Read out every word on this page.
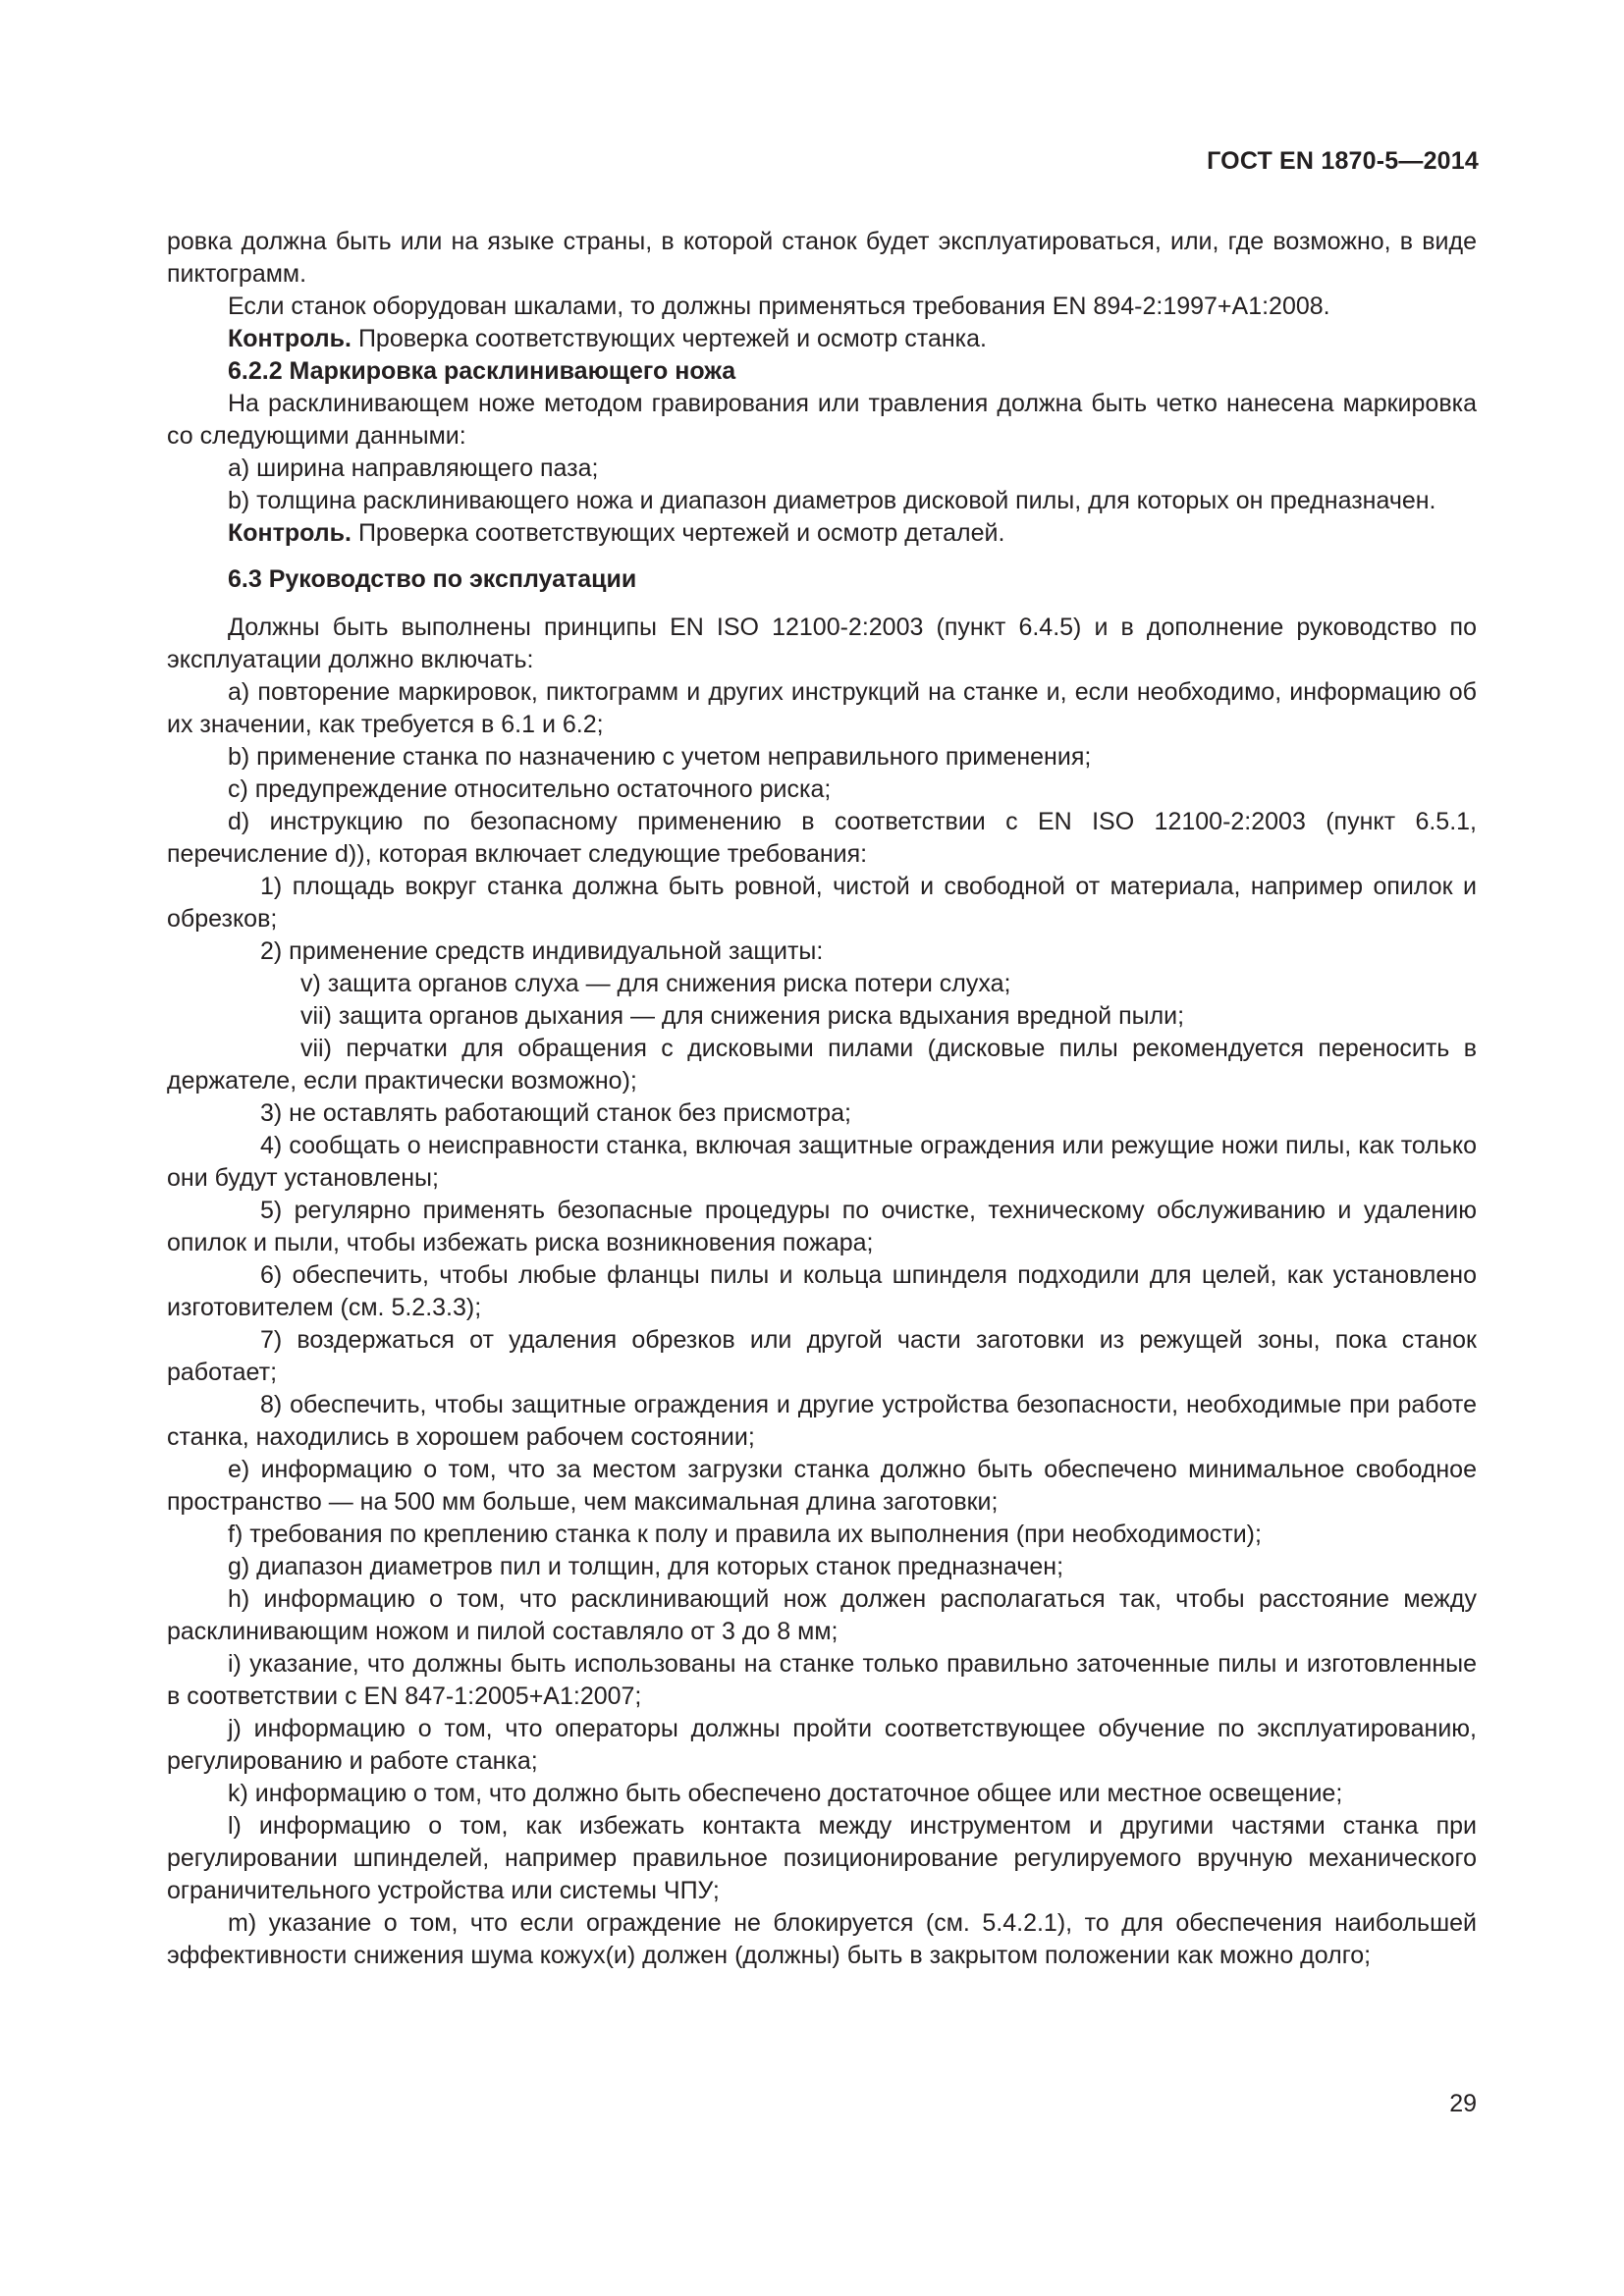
ГОСТ EN 1870-5—2014

ровка должна быть или на языке страны, в которой станок будет эксплуатироваться, или, где возможно, в виде пиктограмм.

Если станок оборудован шкалами, то должны применяться требования EN 894-2:1997+A1:2008.

Контроль. Проверка соответствующих чертежей и осмотр станка.

6.2.2 Маркировка расклинивающего ножа

На расклинивающем ноже методом гравирования или травления должна быть четко нанесена маркировка со следующими данными:

a) ширина направляющего паза;

b) толщина расклинивающего ножа и диапазон диаметров дисковой пилы, для которых он предназначен.

Контроль. Проверка соответствующих чертежей и осмотр деталей.

6.3 Руководство по эксплуатации

Должны быть выполнены принципы EN ISO 12100-2:2003 (пункт 6.4.5) и в дополнение руководство по эксплуатации должно включать:

a) повторение маркировок, пиктограмм и других инструкций на станке и, если необходимо, информацию об их значении, как требуется в 6.1 и 6.2;

b) применение станка по назначению с учетом неправильного применения;

c) предупреждение относительно остаточного риска;

d) инструкцию по безопасному применению в соответствии с EN ISO 12100-2:2003 (пункт 6.5.1, перечисление d)), которая включает следующие требования:

1) площадь вокруг станка должна быть ровной, чистой и свободной от материала, например опилок и обрезков;

2) применение средств индивидуальной защиты:

v) защита органов слуха — для снижения риска потери слуха;

vii) защита органов дыхания — для снижения риска вдыхания вредной пыли;

vii) перчатки для обращения с дисковыми пилами (дисковые пилы рекомендуется переносить в держателе, если практически возможно);

3) не оставлять работающий станок без присмотра;

4) сообщать о неисправности станка, включая защитные ограждения или режущие ножи пилы, как только они будут установлены;

5) регулярно применять безопасные процедуры по очистке, техническому обслуживанию и удалению опилок и пыли, чтобы избежать риска возникновения пожара;

6) обеспечить, чтобы любые фланцы пилы и кольца шпинделя подходили для целей, как установлено изготовителем (см. 5.2.3.3);

7) воздержаться от удаления обрезков или другой части заготовки из режущей зоны, пока станок работает;

8) обеспечить, чтобы защитные ограждения и другие устройства безопасности, необходимые при работе станка, находились в хорошем рабочем состоянии;

e) информацию о том, что за местом загрузки станка должно быть обеспечено минимальное свободное пространство — на 500 мм больше, чем максимальная длина заготовки;

f) требования по креплению станка к полу и правила их выполнения (при необходимости);

g) диапазон диаметров пил и толщин, для которых станок предназначен;

h) информацию о том, что расклинивающий нож должен располагаться так, чтобы расстояние между расклинивающим ножом и пилой составляло от 3 до 8 мм;

i) указание, что должны быть использованы на станке только правильно заточенные пилы и изготовленные в соответствии с EN 847-1:2005+A1:2007;

j) информацию о том, что операторы должны пройти соответствующее обучение по эксплуатированию, регулированию и работе станка;

k) информацию о том, что должно быть обеспечено достаточное общее или местное освещение;

l) информацию о том, как избежать контакта между инструментом и другими частями станка при регулировании шпинделей, например правильное позиционирование регулируемого вручную механического ограничительного устройства или системы ЧПУ;

m) указание о том, что если ограждение не блокируется (см. 5.4.2.1), то для обеспечения наибольшей эффективности снижения шума кожух(и) должен (должны) быть в закрытом положении как можно долго;

29
